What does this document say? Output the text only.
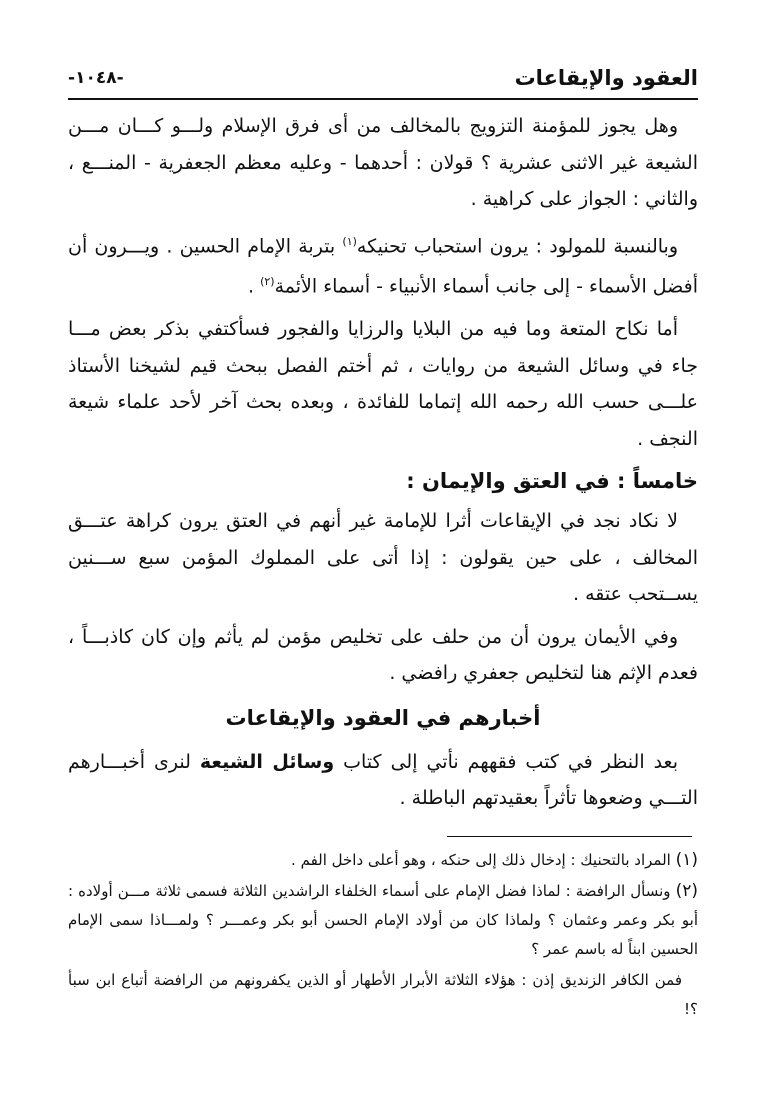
العقود والإيقاعات
-١٠٤٨-

وهل يجوز للمؤمنة التزويج بالمخالف من أى فرق الإسلام ولـــو كـــان مـــن الشيعة غير الاثنى عشرية ؟ قولان : أحدهما - وعليه معظم الجعفرية - المنـــع ، والثاني : الجواز على كراهية .

وبالنسبة للمولود : يرون استحباب تحنيكه$^{(١)}$ بتربة الإمام الحسين . ويـــرون أن أفضل الأسماء - إلى جانب أسماء الأنبياء - أسماء الأئمة$^{(٢)}$ .

أما نكاح المتعة وما فيه من البلايا والرزايا والفجور فسأكتفي بذكر بعض مـــا جاء في وسائل الشيعة من روايات ، ثم أختم الفصل ببحث قيم لشيخنا الأستاذ علـــى حسب الله رحمه الله إتماما للفائدة ، وبعده بحث آخر لأحد علماء شيعة النجف .

خامساً : في العتق والإيمان :

لا نكاد نجد في الإيقاعات أثرا للإمامة غير أنهم في العتق يرون كراهة عتـــق المخالف ، على حين يقولون : إذا أتى على المملوك المؤمن سبع ســـنين يســتحب عتقه .

وفي الأيمان يرون أن من حلف على تخليص مؤمن لم يأثم وإن كان كاذبـــاً ، فعدم الإثم هنا لتخليص جعفري رافضي .

أخبارهم في العقود والإيقاعات

بعد النظر في كتب فقههم نأتي إلى كتاب وسائل الشيعة لنرى أخبـــارهم التـــي وضعوها تأثراً بعقيدتهم الباطلة .

(١) المراد بالتحنيك : إدخال ذلك إلى حنكه ، وهو أعلى داخل الفم .

(٢) ونسأل الرافضة : لماذا فضل الإمام على أسماء الخلفاء الراشدين الثلاثة فسمى ثلاثة مـــن أولاده : أبو بكر وعمر وعثمان ؟ ولماذا كان من أولاد الإمام الحسن أبو بكر وعمـــر ؟ ولمـــاذا سمى الإمام الحسين ابناً له باسم عمر ؟

فمن الكافر الزنديق إذن : هؤلاء الثلاثة الأبرار الأطهار أو الذين يكفرونهم من الرافضة أتباع ابن سبأ ؟!
